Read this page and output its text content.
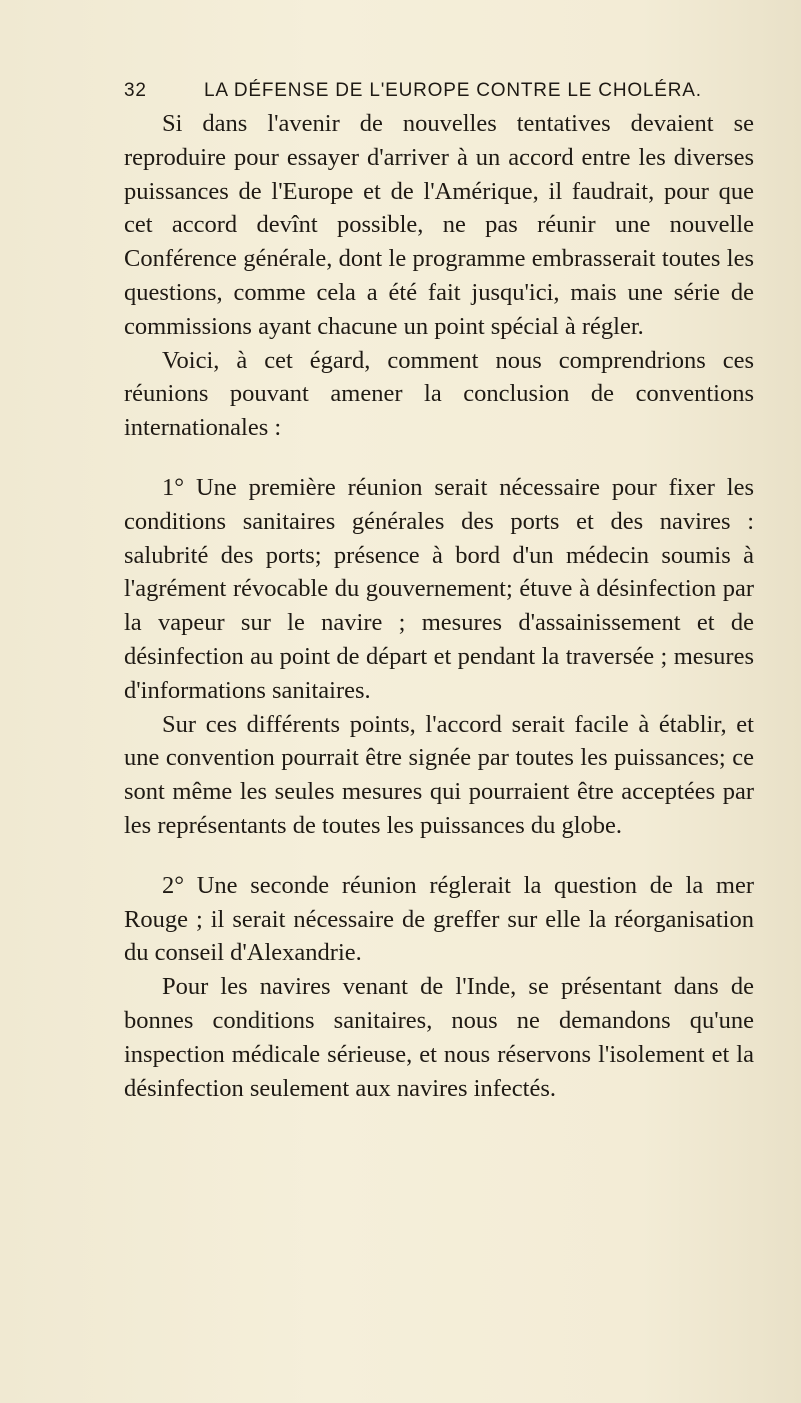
32	LA DÉFENSE DE L'EUROPE CONTRE LE CHOLÉRA.

Si dans l'avenir de nouvelles tentatives devaient se reproduire pour essayer d'arriver à un accord entre les diverses puissances de l'Europe et de l'Amérique, il faudrait, pour que cet accord devînt possible, ne pas réunir une nouvelle Conférence générale, dont le programme embrasserait toutes les questions, comme cela a été fait jusqu'ici, mais une série de commissions ayant chacune un point spécial à régler.

Voici, à cet égard, comment nous comprendrions ces réunions pouvant amener la conclusion de conventions internationales :

1° Une première réunion serait nécessaire pour fixer les conditions sanitaires générales des ports et des navires : salubrité des ports; présence à bord d'un médecin soumis à l'agrément révocable du gouvernement; étuve à désinfection par la vapeur sur le navire ; mesures d'assainissement et de désinfection au point de départ et pendant la traversée ; mesures d'informations sanitaires.

Sur ces différents points, l'accord serait facile à établir, et une convention pourrait être signée par toutes les puissances; ce sont même les seules mesures qui pourraient être acceptées par les représentants de toutes les puissances du globe.

2° Une seconde réunion réglerait la question de la mer Rouge ; il serait nécessaire de greffer sur elle la réorganisation du conseil d'Alexandrie.

Pour les navires venant de l'Inde, se présentant dans de bonnes conditions sanitaires, nous ne demandons qu'une inspection médicale sérieuse, et nous réservons l'isolement et la désinfection seulement aux navires infectés.
